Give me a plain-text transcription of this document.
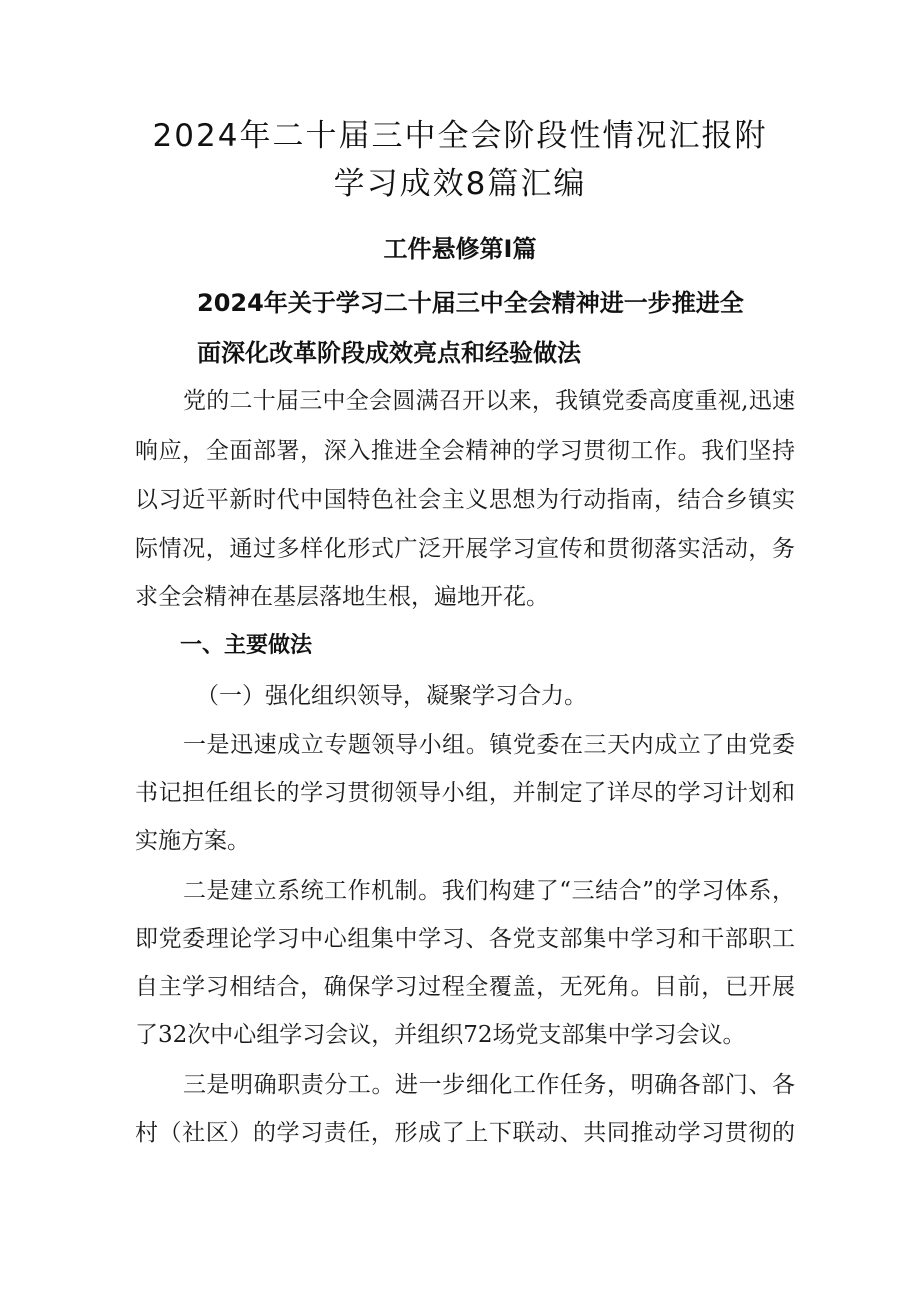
2024年二十届三中全会阶段性情况汇报附
学习成效8篇汇编
工件悬修第I篇
2024年关于学习二十届三中全会精神进一步推进全
面深化改革阶段成效亮点和经验做法
党的二十届三中全会圆满召开以来，我镇党委高度重视,迅速
响应，全面部署，深入推进全会精神的学习贯彻工作。我们坚持
以习近平新时代中国特色社会主义思想为行动指南，结合乡镇实
际情况，通过多样化形式广泛开展学习宣传和贯彻落实活动，务
求全会精神在基层落地生根，遍地开花。
一、主要做法
（一）强化组织领导，凝聚学习合力。
一是迅速成立专题领导小组。镇党委在三天内成立了由党委
书记担任组长的学习贯彻领导小组，并制定了详尽的学习计划和
实施方案。
二是建立系统工作机制。我们构建了“三结合”的学习体系，
即党委理论学习中心组集中学习、各党支部集中学习和干部职工
自主学习相结合，确保学习过程全覆盖，无死角。目前，已开展
了32次中心组学习会议，并组织72场党支部集中学习会议。
三是明确职责分工。进一步细化工作任务，明确各部门、各
村（社区）的学习责任，形成了上下联动、共同推动学习贯彻的
